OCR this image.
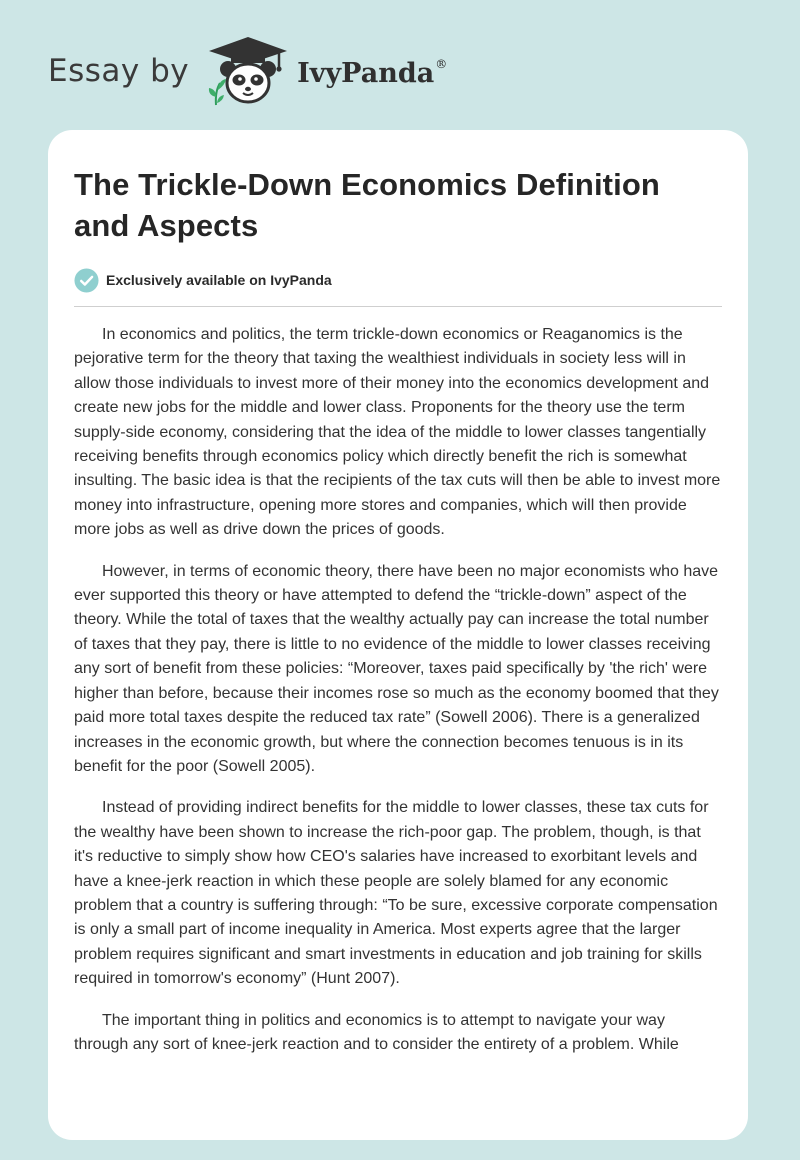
Essay by	IvyPanda®
The Trickle-Down Economics Definition and Aspects
Exclusively available on IvyPanda

In economics and politics, the term trickle-down economics or Reaganomics is the pejorative term for the theory that taxing the wealthiest individuals in society less will in allow those individuals to invest more of their money into the economics development and create new jobs for the middle and lower class. Proponents for the theory use the term supply-side economy, considering that the idea of the middle to lower classes tangentially receiving benefits through economics policy which directly benefit the rich is somewhat insulting. The basic idea is that the recipients of the tax cuts will then be able to invest more money into infrastructure, opening more stores and companies, which will then provide more jobs as well as drive down the prices of goods.

However, in terms of economic theory, there have been no major economists who have ever supported this theory or have attempted to defend the “trickle-down” aspect of the theory. While the total of taxes that the wealthy actually pay can increase the total number of taxes that they pay, there is little to no evidence of the middle to lower classes receiving any sort of benefit from these policies: “Moreover, taxes paid specifically by 'the rich' were higher than before, because their incomes rose so much as the economy boomed that they paid more total taxes despite the reduced tax rate” (Sowell 2006). There is a generalized increases in the economic growth, but where the connection becomes tenuous is in its benefit for the poor (Sowell 2005).

Instead of providing indirect benefits for the middle to lower classes, these tax cuts for the wealthy have been shown to increase the rich-poor gap. The problem, though, is that it's reductive to simply show how CEO's salaries have increased to exorbitant levels and have a knee-jerk reaction in which these people are solely blamed for any economic problem that a country is suffering through: “To be sure, excessive corporate compensation is only a small part of income inequality in America. Most experts agree that the larger problem requires significant and smart investments in education and job training for skills required in tomorrow's economy” (Hunt 2007).

The important thing in politics and economics is to attempt to navigate your way through any sort of knee-jerk reaction and to consider the entirety of a problem. While
